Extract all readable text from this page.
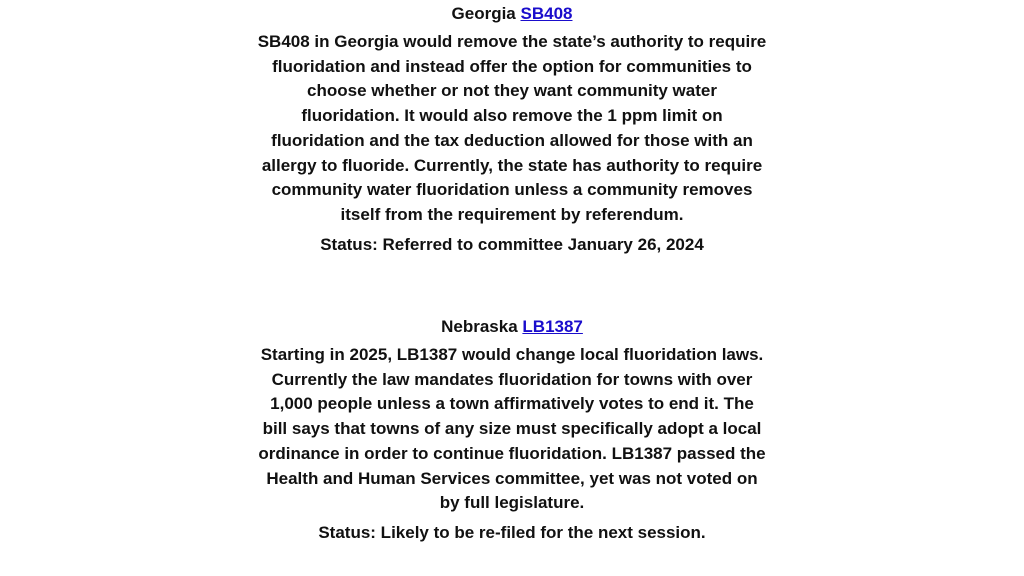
Georgia SB408

SB408 in Georgia would remove the state’s authority to require fluoridation and instead offer the option for communities to choose whether or not they want community water fluoridation. It would also remove the 1 ppm limit on fluoridation and the tax deduction allowed for those with an allergy to fluoride. Currently, the state has authority to require community water fluoridation unless a community removes itself from the requirement by referendum.
Status: Referred to committee January 26, 2024

Nebraska LB1387

Starting in 2025, LB1387 would change local fluoridation laws. Currently the law mandates fluoridation for towns with over 1,000 people unless a town affirmatively votes to end it. The bill says that towns of any size must specifically adopt a local ordinance in order to continue fluoridation. LB1387 passed the Health and Human Services committee, yet was not voted on by full legislature.
Status: Likely to be re-filed for the next session.
